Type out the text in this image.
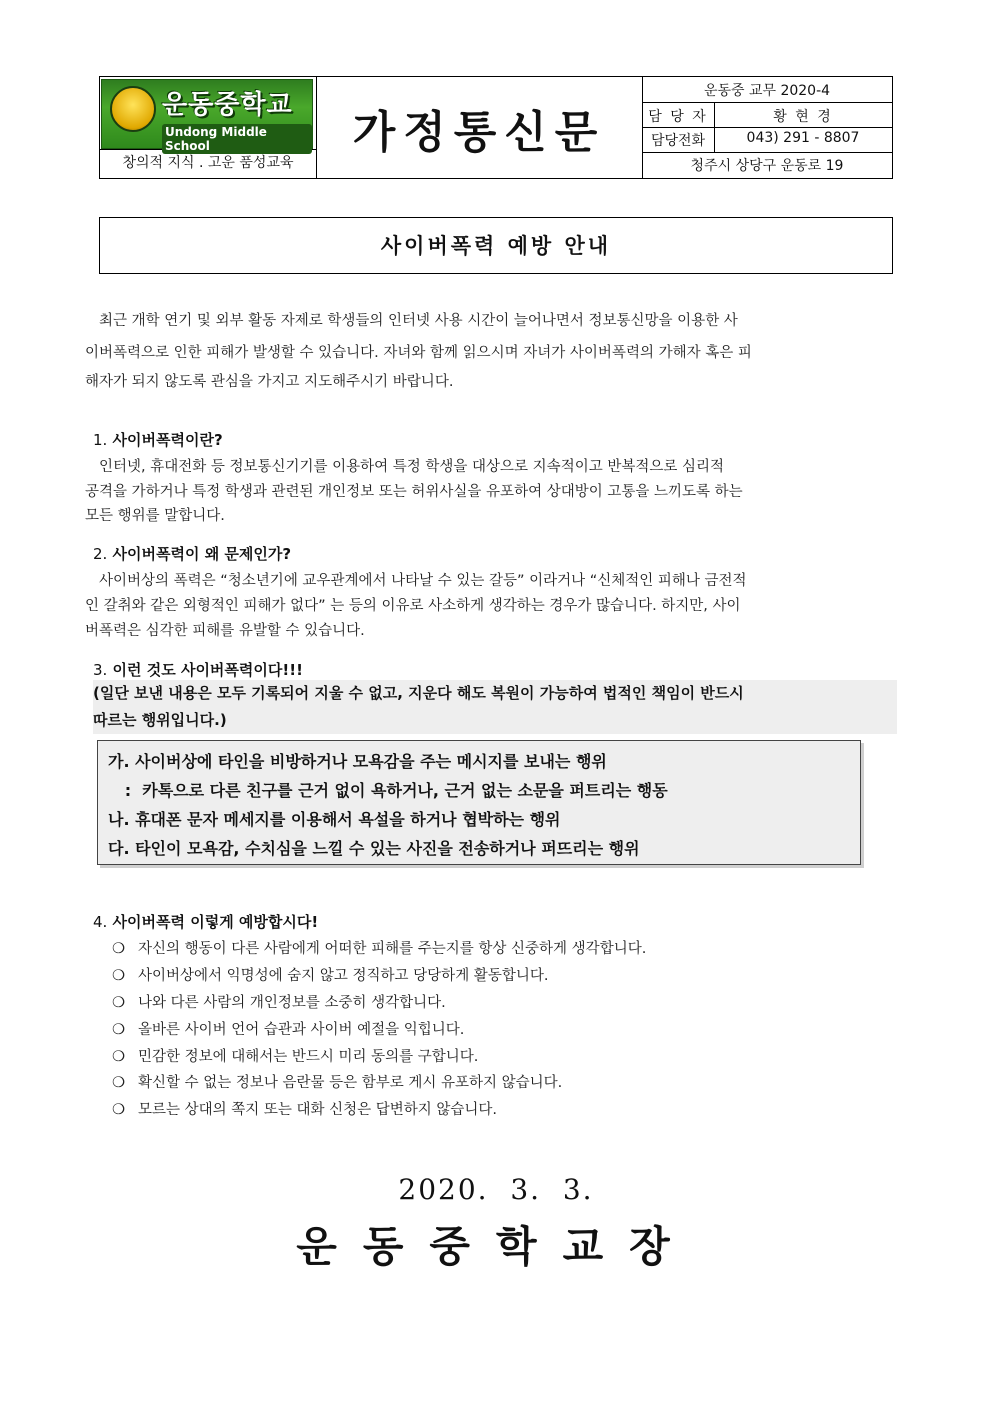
운동중학교
Undong Middle School
창의적 지식 . 고운 품성교육
가정통신문
운동중 교무 2020-4
담 당 자	황 현 경
담당전화	043) 291 - 8807
청주시 상당구 운동로 19
사이버폭력 예방 안내
최근 개학 연기 및 외부 활동 자제로 학생들의 인터넷 사용 시간이 늘어나면서 정보통신망을 이용한 사
이버폭력으로 인한 피해가 발생할 수 있습니다. 자녀와 함께 읽으시며 자녀가 사이버폭력의 가해자 혹은 피
해자가 되지 않도록 관심을 가지고 지도해주시기 바랍니다.
1. 사이버폭력이란?
인터넷, 휴대전화 등 정보통신기기를 이용하여 특정 학생을 대상으로 지속적이고 반복적으로 심리적
공격을 가하거나 특정 학생과 관련된 개인정보 또는 허위사실을 유포하여 상대방이 고통을 느끼도록 하는
모든 행위를 말합니다.
2. 사이버폭력이 왜 문제인가?
사이버상의 폭력은 “청소년기에 교우관계에서 나타날 수 있는 갈등” 이라거나 “신체적인 피해나 금전적
인 갈취와 같은 외형적인 피해가 없다” 는 등의 이유로 사소하게 생각하는 경우가 많습니다. 하지만, 사이
버폭력은 심각한 피해를 유발할 수 있습니다.
3. 이런 것도 사이버폭력이다!!!
(일단 보낸 내용은 모두 기록되어 지울 수 없고, 지운다 해도 복원이 가능하여 법적인 책임이 반드시
따르는 행위입니다.)
가. 사이버상에 타인을 비방하거나 모욕감을 주는 메시지를 보내는 행위
:  카톡으로 다른 친구를 근거 없이 욕하거나, 근거 없는 소문을 퍼트리는 행동
나. 휴대폰 문자 메세지를 이용해서 욕설을 하거나 협박하는 행위
다. 타인이 모욕감, 수치심을 느낄 수 있는 사진을 전송하거나 퍼뜨리는 행위
4. 사이버폭력 이렇게 예방합시다!
❍ 자신의 행동이 다른 사람에게 어떠한 피해를 주는지를 항상 신중하게 생각합니다.
❍ 사이버상에서 익명성에 숨지 않고 정직하고 당당하게 활동합니다.
❍ 나와 다른 사람의 개인정보를 소중히 생각합니다.
❍ 올바른 사이버 언어 습관과 사이버 예절을 익힙니다.
❍ 민감한 정보에 대해서는 반드시 미리 동의를 구합니다.
❍ 확신할 수 없는 정보나 음란물 등은 함부로 게시 유포하지 않습니다.
❍ 모르는 상대의 쪽지 또는 대화 신청은 답변하지 않습니다.
2020.  3.  3.
운동중학교장
